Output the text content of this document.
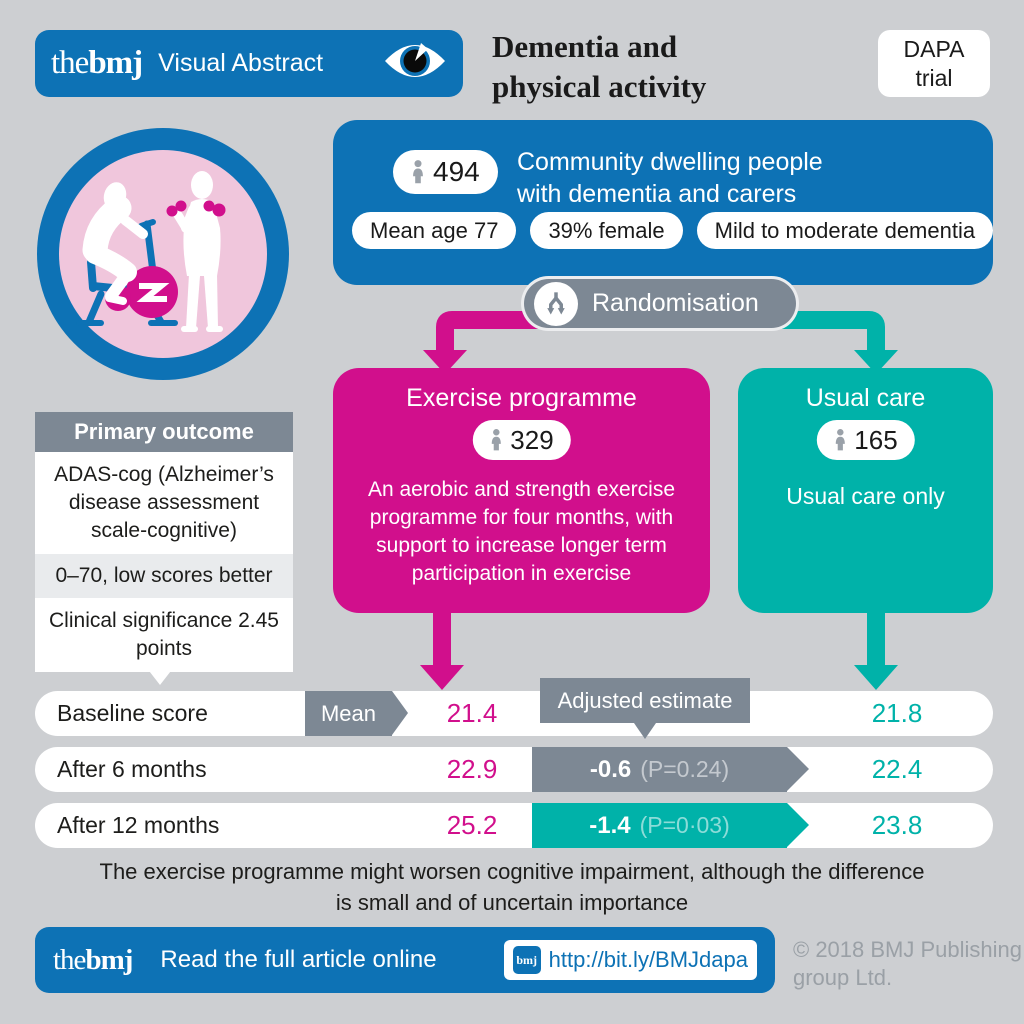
thebmj Visual Abstract	Dementia and
physical activity
DAPA
trial
494 Community dwelling people
with dementia and carers
Mean age 77	39% female	Mild to moderate dementia
Randomisation
Exercise programme
329
An aerobic and strength exercise programme for four months, with support to increase longer term participation in exercise
Usual care
165
Usual care only
Primary outcome
ADAS-cog (Alzheimer’s disease assessment scale-cognitive)
0–70, low scores better
Clinical significance 2.45 points
Baseline score	Mean	21.4	21.8
After 6 months	22.9	-0.6 (P=0.24)	22.4
After 12 months	25.2	-1.4 (P=0·03)	23.8
Adjusted estimate
The exercise programme might worsen cognitive impairment, although the difference
is small and of uncertain importance
thebmj Read the full article online	bmj http://bit.ly/BMJdapa © 2018 BMJ Publishing
group Ltd.
